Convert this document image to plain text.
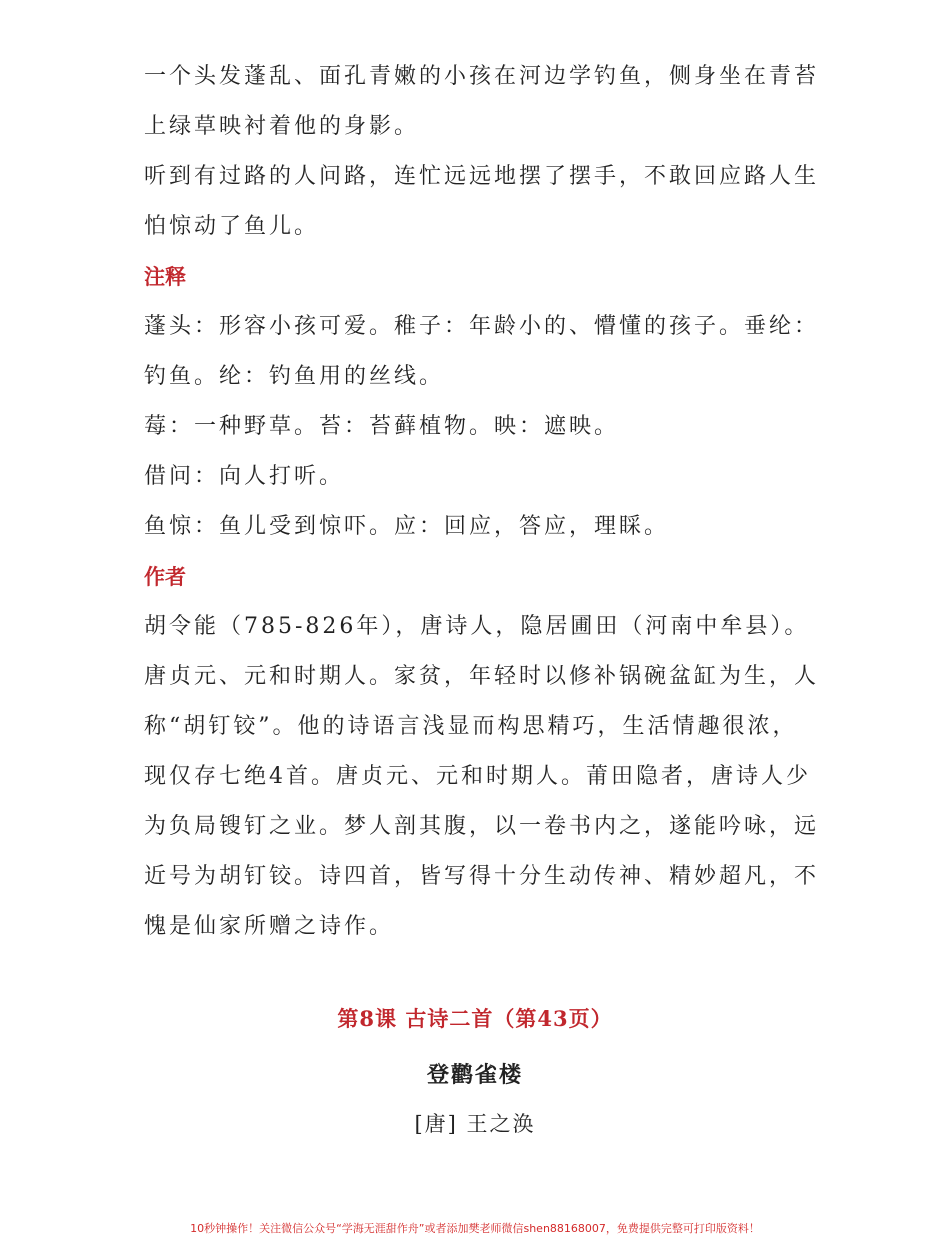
一个头发蓬乱、面孔青嫩的小孩在河边学钓鱼，侧身坐在青苔

上绿草映衬着他的身影。

听到有过路的人问路，连忙远远地摆了摆手，不敢回应路人生

怕惊动了鱼儿。

注释

蓬头：形容小孩可爱。稚子：年龄小的、懵懂的孩子。垂纶：

钓鱼。纶：钓鱼用的丝线。

莓：一种野草。苔：苔藓植物。映：遮映。

借问：向人打听。

鱼惊：鱼儿受到惊吓。应：回应，答应，理睬。

作者

胡令能（785-826年），唐诗人，隐居圃田（河南中牟县）。

唐贞元、元和时期人。家贫，年轻时以修补锅碗盆缸为生，人

称“胡钉铰”。他的诗语言浅显而构思精巧，生活情趣很浓，

现仅存七绝4首。唐贞元、元和时期人。莆田隐者，唐诗人少

为负局锼钉之业。梦人剖其腹，以一卷书内之，遂能吟咏，远

近号为胡钉铰。诗四首，皆写得十分生动传神、精妙超凡，不

愧是仙家所赠之诗作。

第8课 古诗二首（第43页）

登鹳雀楼

[唐] 王之涣

10秒钟操作！关注微信公众号“学海无涯甜作舟”或者添加樊老师微信shen88168007，免费提供完整可打印版资料！
